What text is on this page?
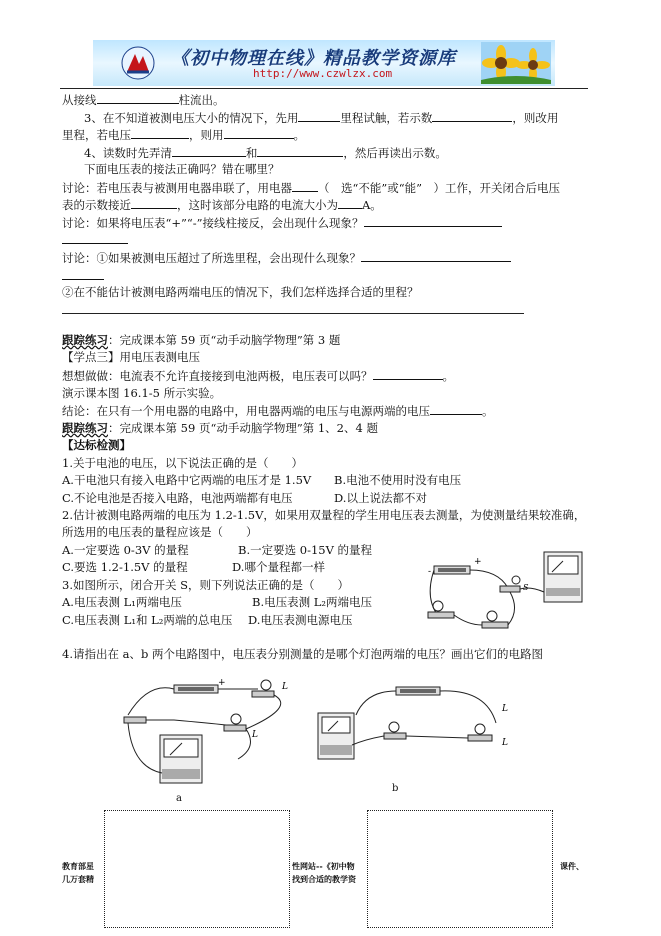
《初中物理在线》精品教学资源库
http://www.czwlzx.com
从接线	柱流出。
3、在不知道被测电压大小的情况下，先用	里程试触，若示数	，则改用
里程，若电压	，则用	。
4、读数时先弄清	和	，然后再读出示数。
下面电压表的接法正确吗？错在哪里？
讨论：若电压表与被测用电器串联了，用电器 （　选“不能”或“能”　）工作，开关闭合后电压
表的示数接近	，这时该部分电路的电流大小为 A。
讨论：如果将电压表“+”“-”接线柱接反，会出现什么现象？
讨论：①如果被测电压超过了所选里程，会出现什么现象？
②在不能估计被测电路两端电压的情况下，我们怎样选择合适的里程？
跟踪练习：完成课本第 59 页“动手动脑学物理”第 3 题
【学点三】用电压表测电压
想想做做：电流表不允许直接接到电池两极，电压表可以吗？	。
演示课本图 16.1-5 所示实验。
结论：在只有一个用电器的电路中，用电器两端的电压与电源两端的电压	。
跟踪练习：完成课本第 59 页“动手动脑学物理”第 1、2、4 题
【达标检测】
1.关于电池的电压，以下说法正确的是（　　）
A.干电池只有接入电路中它两端的电压才是 1.5V B.电池不使用时没有电压
C.不论电池是否接入电路，电池两端都有电压	D.以上说法都不对
2.估计被测电路两端的电压为 1.2-1.5V，如果用双量程的学生用电压表去测量，为使测量结果较准确，
所选用的电压表的量程应该是（　　）
A.一定要选 0-3V 的量程	B.一定要选 0-15V 的量程
C.要选 1.2-1.5V 的量程	D.哪个量程都一样
3.如图所示，闭合开关 S，则下列说法正确的是（　　）
A.电压表测 L₁两端电压	B.电压表测 L₂两端电压
C.电压表测 L₁和 L₂两端的总电压 D.电压表测电源电压
4.请指出在 a、b 两个电路图中，电压表分别测量的是哪个灯泡两端的电压？画出它们的电路图
-
+
S
+	L
L
a
L
L
b
教育部星
几万套精
性网站--《初中物
找到合适的教学资
课件、
